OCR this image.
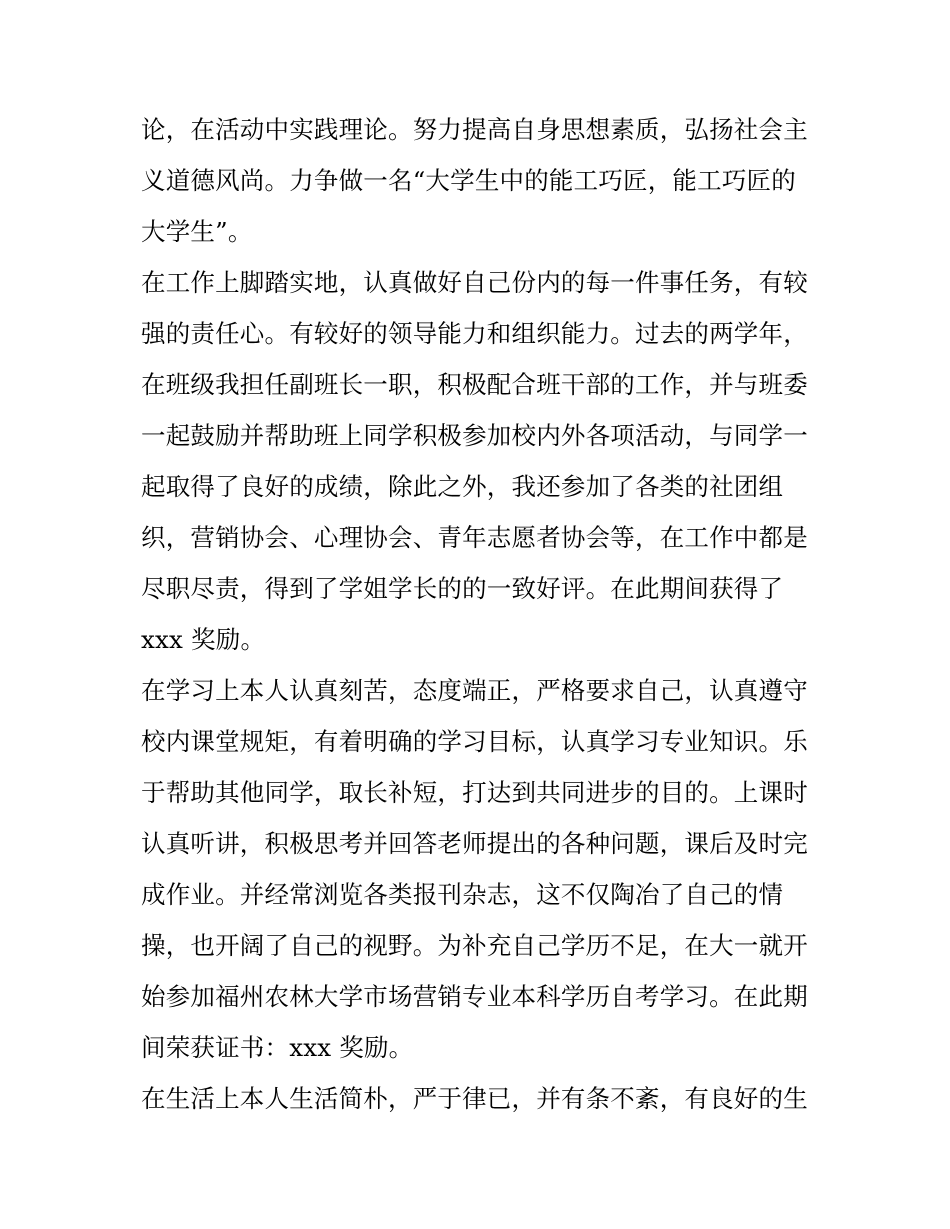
论，在活动中实践理论。努力提高自身思想素质，弘扬社会主
义道德风尚。力争做一名“大学生中的能工巧匠，能工巧匠的
大学生”。
在工作上脚踏实地，认真做好自己份内的每一件事任务，有较
强的责任心。有较好的领导能力和组织能力。过去的两学年，
在班级我担任副班长一职，积极配合班干部的工作，并与班委
一起鼓励并帮助班上同学积极参加校内外各项活动，与同学一
起取得了良好的成绩，除此之外，我还参加了各类的社团组
织，营销协会、心理协会、青年志愿者协会等，在工作中都是
尽职尽责，得到了学姐学长的的一致好评。在此期间获得了
xxx 奖励。
在学习上本人认真刻苦，态度端正，严格要求自己，认真遵守
校内课堂规矩，有着明确的学习目标，认真学习专业知识。乐
于帮助其他同学，取长补短，打达到共同进步的目的。上课时
认真听讲，积极思考并回答老师提出的各种问题，课后及时完
成作业。并经常浏览各类报刊杂志，这不仅陶冶了自己的情
操，也开阔了自己的视野。为补充自己学历不足，在大一就开
始参加福州农林大学市场营销专业本科学历自考学习。在此期
间荣获证书：xxx 奖励。
在生活上本人生活简朴，严于律已，并有条不紊，有良好的生
